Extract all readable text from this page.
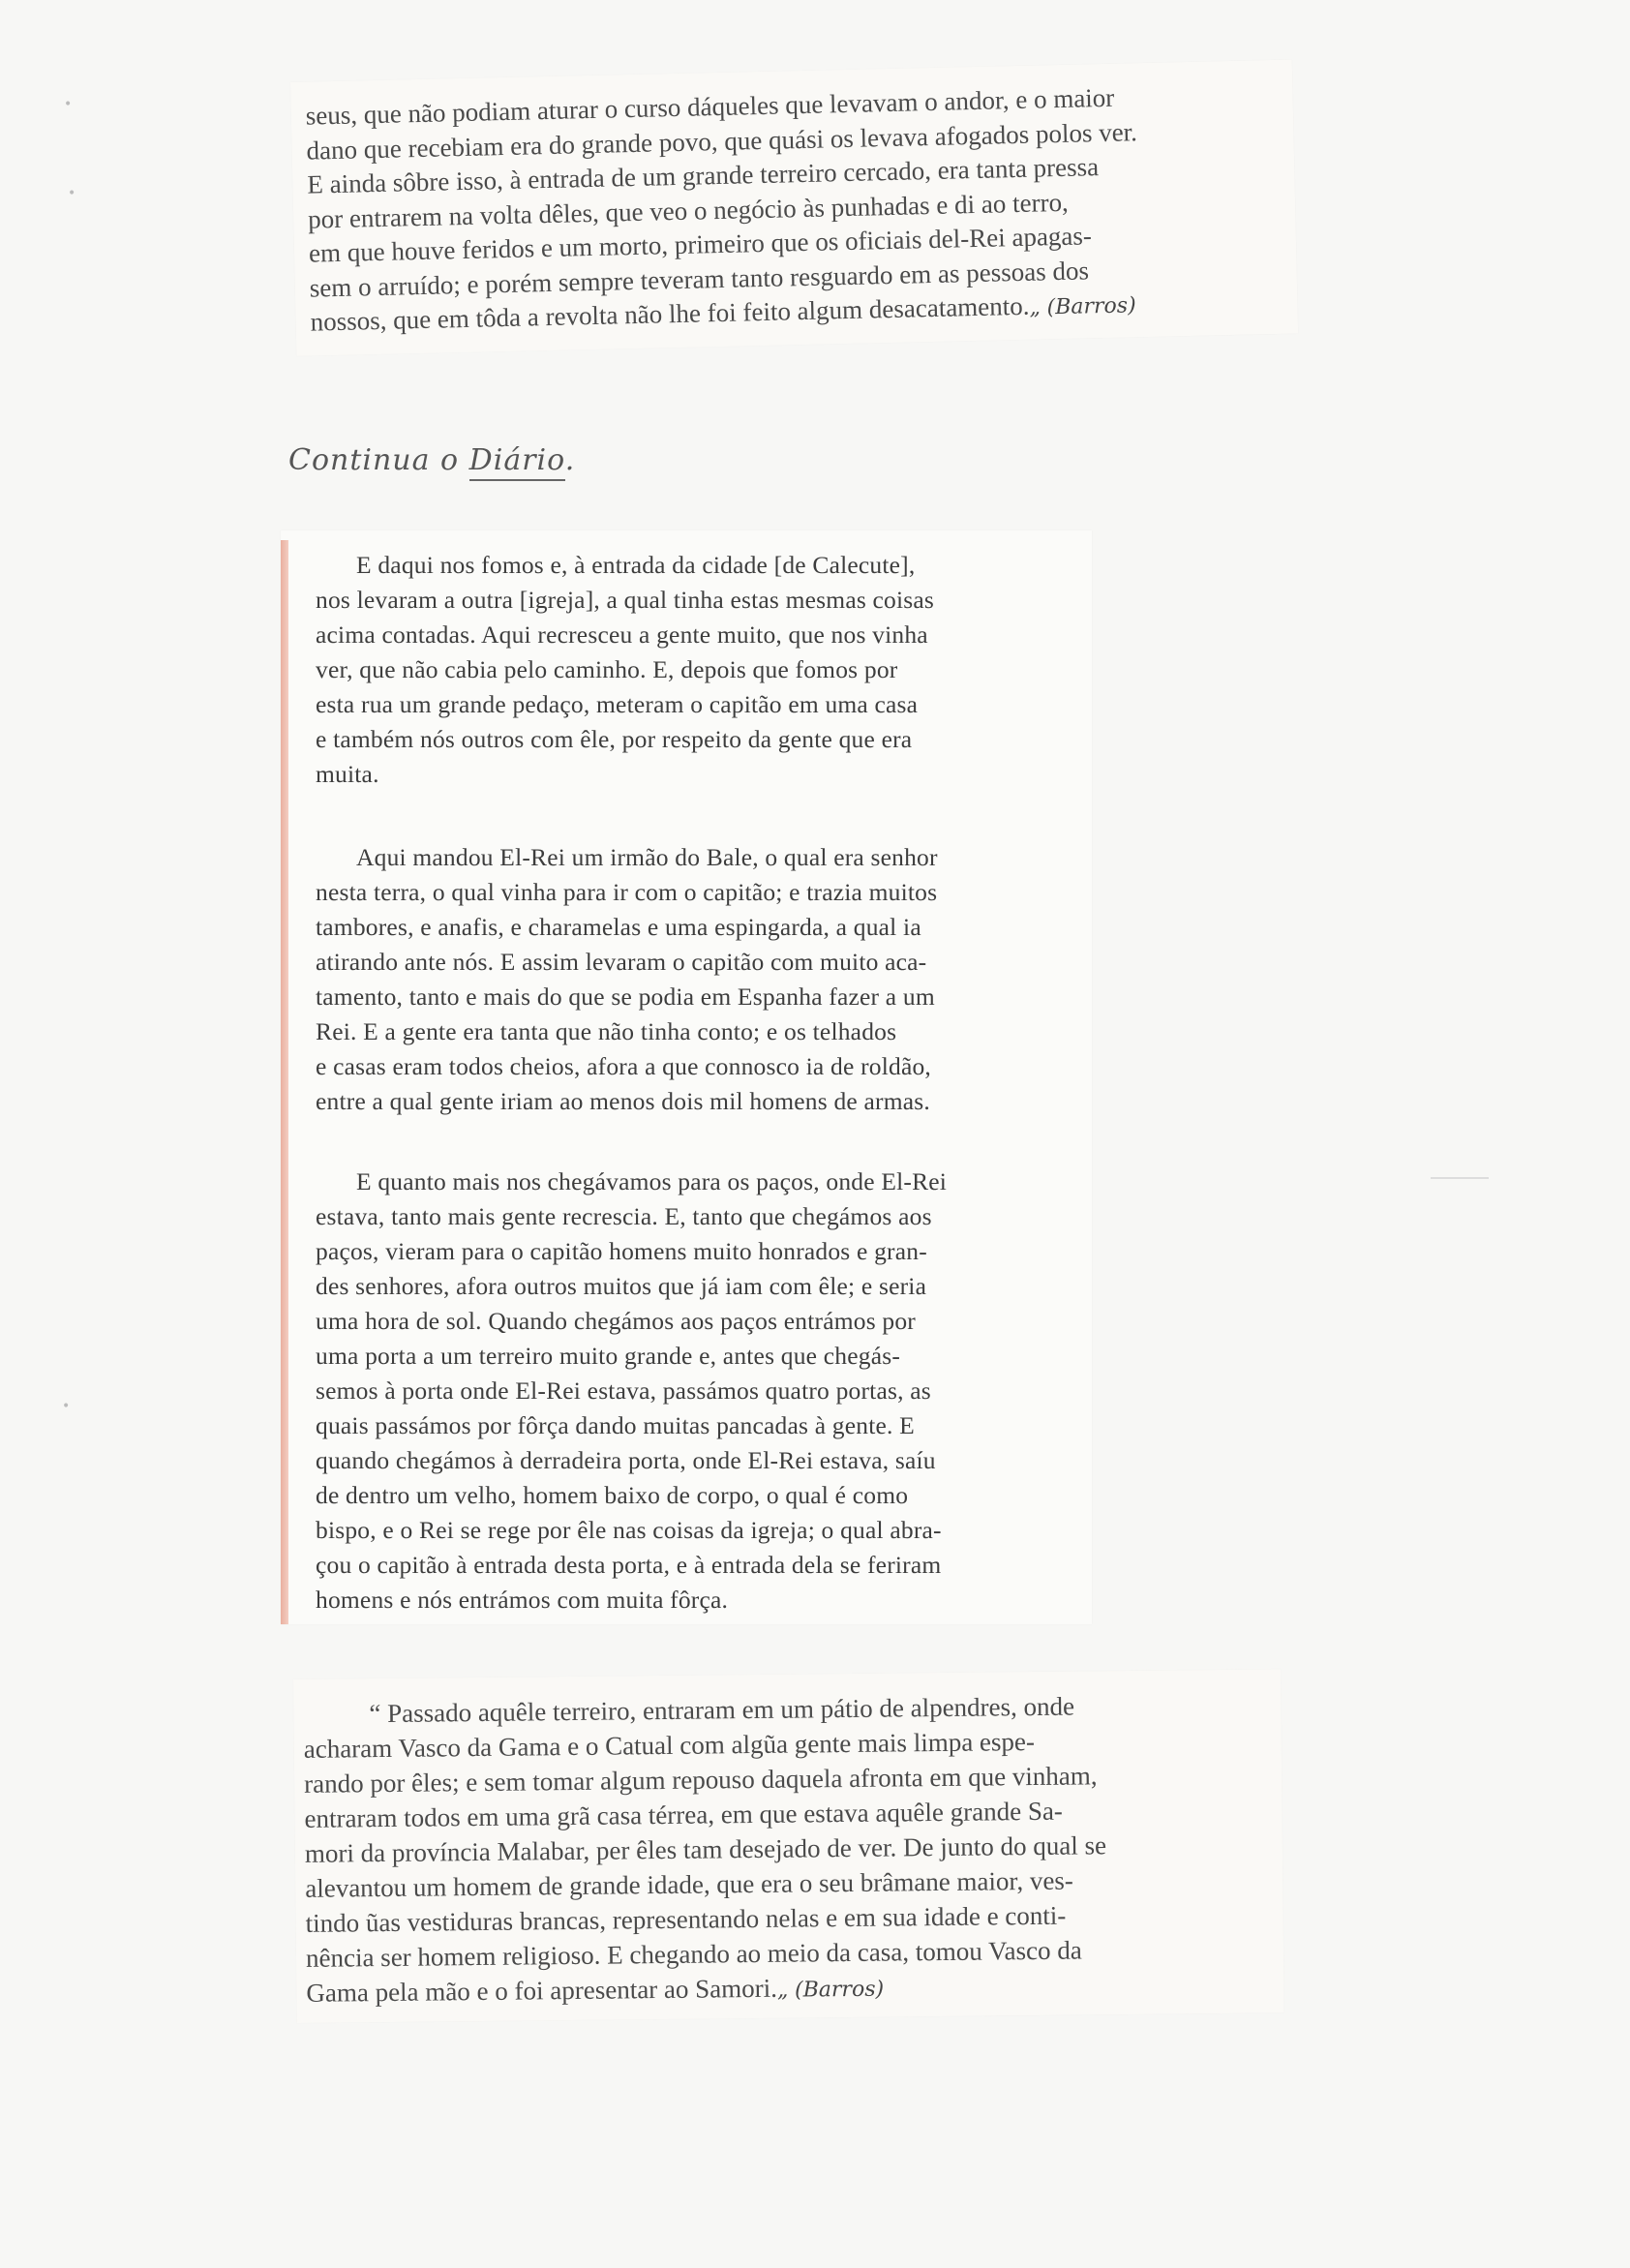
seus, que não podiam aturar o curso dáqueles que levavam o andor, e o maior
dano que recebiam era do grande povo, que quási os levava afogados polos ver.
E ainda sôbre isso, à entrada de um grande terreiro cercado, era tanta pressa
por entrarem na volta dêles, que veo o negócio às punhadas e di ao terro,
em que houve feridos e um morto, primeiro que os oficiais del-Rei apagas-
sem o arruído; e porém sempre teveram tanto resguardo em as pessoas dos
nossos, que em tôda a revolta não lhe foi feito algum desacatamento.„ (Barros)
Continua o Diário.
E daqui nos fomos e, à entrada da cidade [de Calecute],
nos levaram a outra [igreja], a qual tinha estas mesmas coisas
acima contadas. Aqui recresceu a gente muito, que nos vinha
ver, que não cabia pelo caminho. E, depois que fomos por
esta rua um grande pedaço, meteram o capitão em uma casa
e também nós outros com êle, por respeito da gente que era
muita.
Aqui mandou El-Rei um irmão do Bale, o qual era senhor
nesta terra, o qual vinha para ir com o capitão; e trazia muitos
tambores, e anafis, e charamelas e uma espingarda, a qual ia
atirando ante nós. E assim levaram o capitão com muito aca-
tamento, tanto e mais do que se podia em Espanha fazer a um
Rei. E a gente era tanta que não tinha conto; e os telhados
e casas eram todos cheios, afora a que connosco ia de roldão,
entre a qual gente iriam ao menos dois mil homens de armas.
E quanto mais nos chegávamos para os paços, onde El-Rei
estava, tanto mais gente recrescia. E, tanto que chegámos aos
paços, vieram para o capitão homens muito honrados e gran-
des senhores, afora outros muitos que já iam com êle; e seria
uma hora de sol. Quando chegámos aos paços entrámos por
uma porta a um terreiro muito grande e, antes que chegás-
semos à porta onde El-Rei estava, passámos quatro portas, as
quais passámos por fôrça dando muitas pancadas à gente. E
quando chegámos à derradeira porta, onde El-Rei estava, saíu
de dentro um velho, homem baixo de corpo, o qual é como
bispo, e o Rei se rege por êle nas coisas da igreja; o qual abra-
çou o capitão à entrada desta porta, e à entrada dela se feriram
homens e nós entrámos com muita fôrça.
“ Passado aquêle terreiro, entraram em um pátio de alpendres, onde
acharam Vasco da Gama e o Catual com algũa gente mais limpa espe-
rando por êles; e sem tomar algum repouso daquela afronta em que vinham,
entraram todos em uma grã casa térrea, em que estava aquêle grande Sa-
mori da província Malabar, per êles tam desejado de ver. De junto do qual se
alevantou um homem de grande idade, que era o seu brâmane maior, ves-
tindo ũas vestiduras brancas, representando nelas e em sua idade e conti-
nência ser homem religioso. E chegando ao meio da casa, tomou Vasco da
Gama pela mão e o foi apresentar ao Samori.„ (Barros)
•
•
•
